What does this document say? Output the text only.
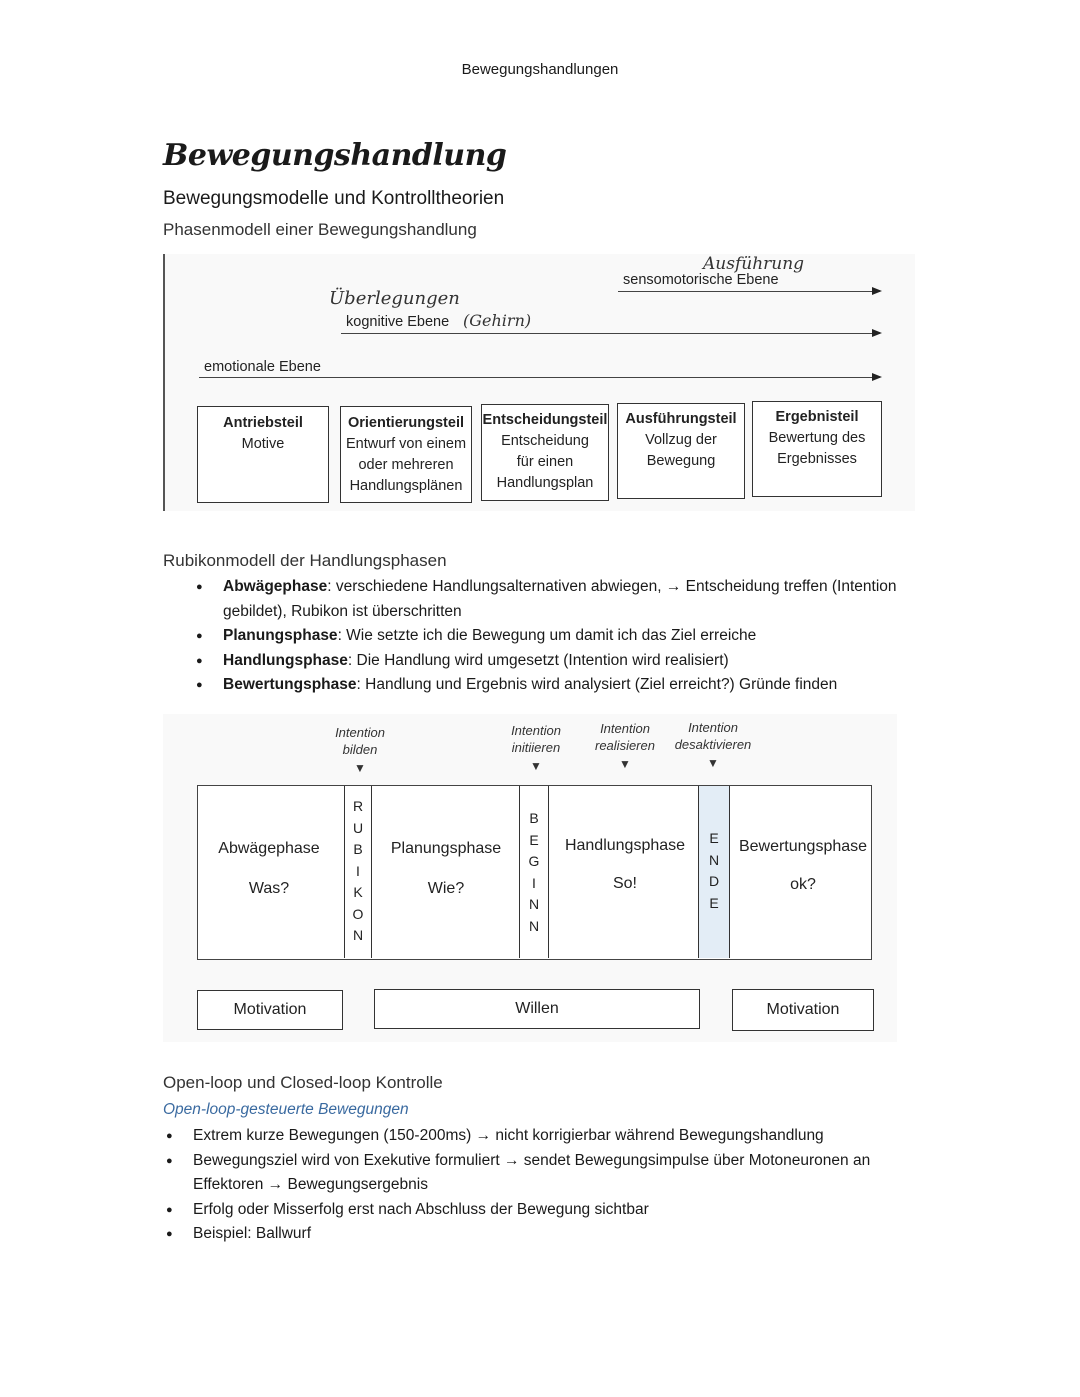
Bewegungshandlungen
Bewegungshandlung
Bewegungsmodelle und Kontrolltheorien
Phasenmodell einer Bewegungshandlung
Ausführung
sensomotorische Ebene
Überlegungen
kognitive Ebene (Gehirn)
emotionale Ebene
Antriebsteil
Motive
Orientierungsteil
Entwurf von einem
oder mehreren
Handlungsplänen
Entscheidungsteil
Entscheidung
für einen
Handlungsplan
Ausführungsteil
Vollzug der
Bewegung
Ergebnisteil
Bewertung des
Ergebnisses
Rubikonmodell der Handlungsphasen
● Abwägephase: verschiedene Handlungsalternativen abwiegen, → Entscheidung treffen (Intention gebildet), Rubikon ist überschritten
● Planungsphase: Wie setzte ich die Bewegung um damit ich das Ziel erreiche
● Handlungsphase: Die Handlung wird umgesetzt (Intention wird realisiert)
● Bewertungsphase: Handlung und Ergebnis wird analysiert (Ziel erreicht?) Gründe finden
Intention
bilden
▼
Intention
initiieren
▼
Intention
realisieren
▼
Intention
desaktivieren
▼
Abwägephase
Was?
R
U
B
I
K
O
N
Planungsphase
Wie?
B
E
G
I
N
N
Handlungsphase
So!
E
N
D
E
Bewertungsphase
ok?
Motivation	Willen	Motivation
Open-loop und Closed-loop Kontrolle
Open-loop-gesteuerte Bewegungen
● Extrem kurze Bewegungen (150-200ms) → nicht korrigierbar während Bewegungshandlung
● Bewegungsziel wird von Exekutive formuliert → sendet Bewegungsimpulse über Motoneuronen an Effektoren → Bewegungsergebnis
● Erfolg oder Misserfolg erst nach Abschluss der Bewegung sichtbar
● Beispiel: Ballwurf
